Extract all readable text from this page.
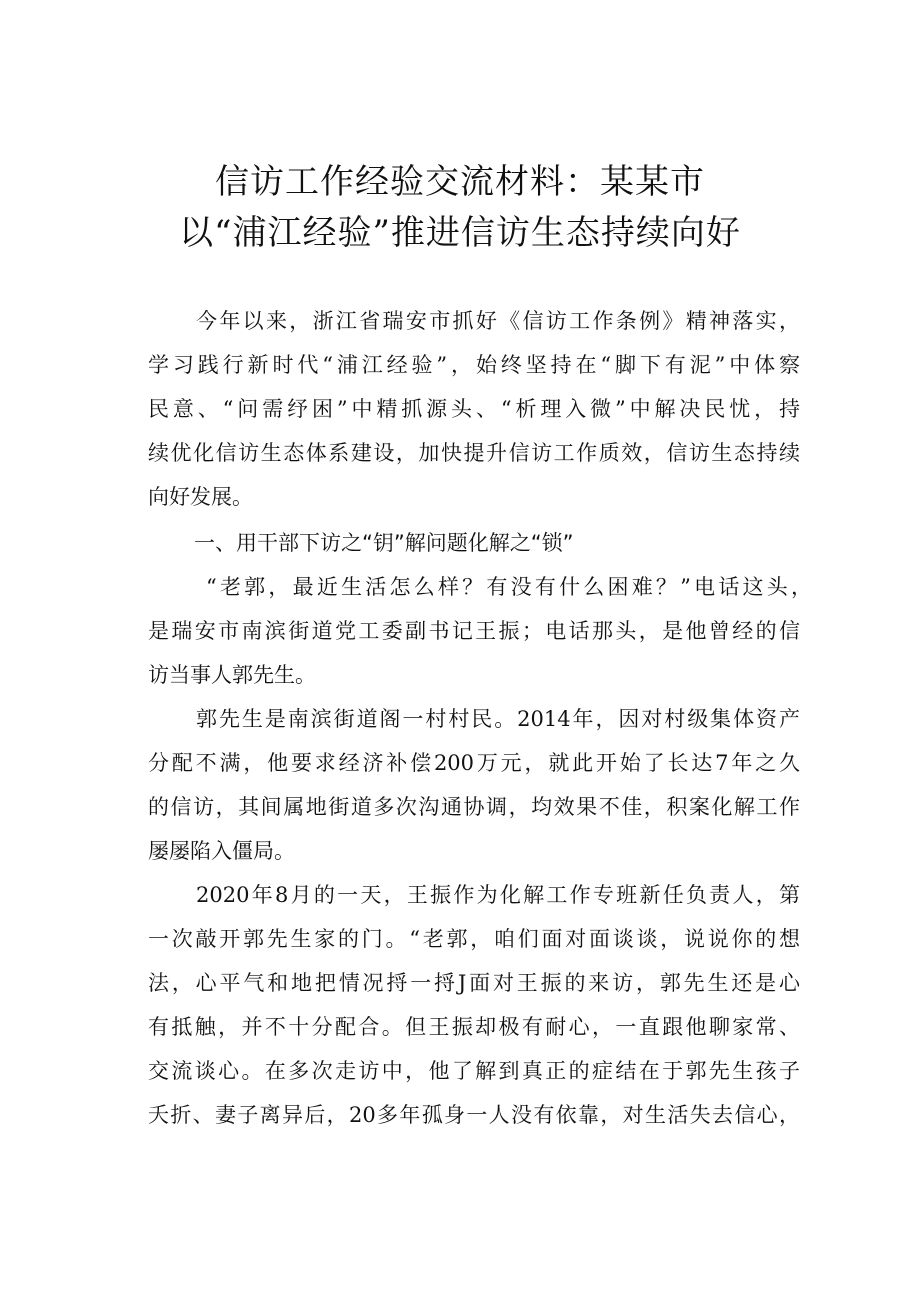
信访工作经验交流材料：某某市
以“浦江经验”推进信访生态持续向好
今年以来，浙江省瑞安市抓好《信访工作条例》精神落实，
学习践行新时代“浦江经验”，始终坚持在“脚下有泥”中体察
民意、“问需纾困”中精抓源头、“析理入微”中解决民忧，持
续优化信访生态体系建设，加快提升信访工作质效，信访生态持续
向好发展。
一、用干部下访之“钥”解问题化解之“锁”
“老郭，最近生活怎么样？有没有什么困难？”电话这头，
是瑞安市南滨街道党工委副书记王振；电话那头，是他曾经的信
访当事人郭先生。
郭先生是南滨街道阁一村村民。2014年，因对村级集体资产
分配不满，他要求经济补偿200万元，就此开始了长达7年之久
的信访，其间属地街道多次沟通协调，均效果不佳，积案化解工作
屡屡陷入僵局。
2020年8月的一天，王振作为化解工作专班新任负责人，第
一次敲开郭先生家的门。“老郭，咱们面对面谈谈，说说你的想
法，心平气和地把情况捋一捋J面对王振的来访，郭先生还是心
有抵触，并不十分配合。但王振却极有耐心，一直跟他聊家常、
交流谈心。在多次走访中，他了解到真正的症结在于郭先生孩子
夭折、妻子离异后，20多年孤身一人没有依靠，对生活失去信心，
